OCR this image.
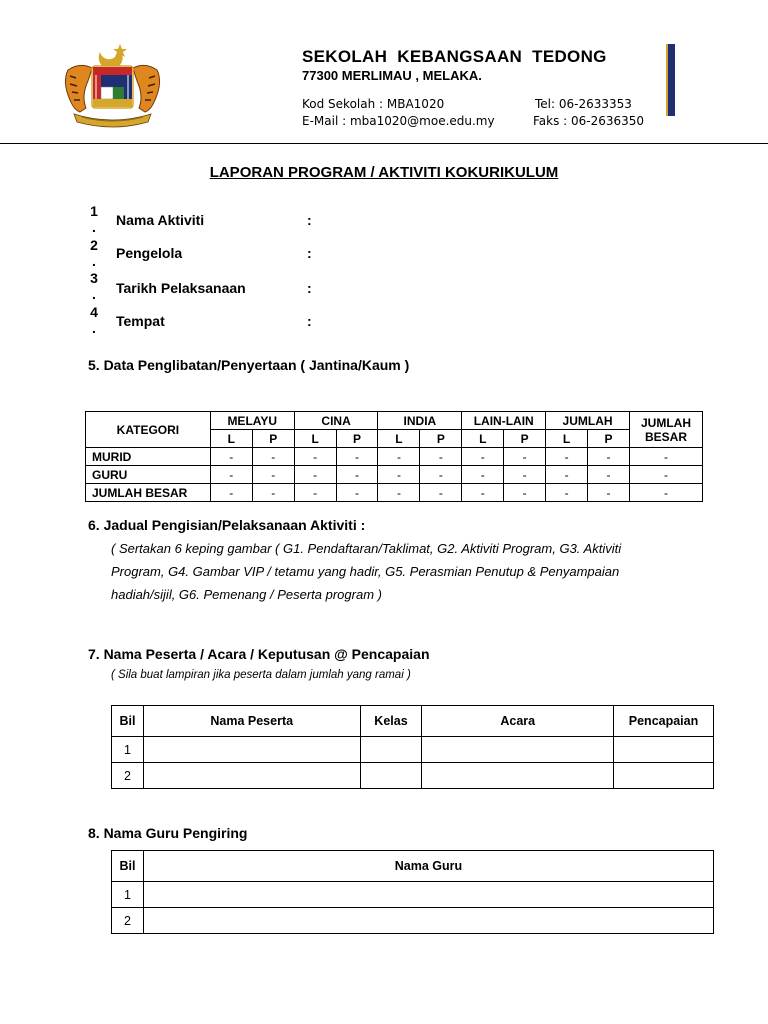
SEKOLAH  KEBANGSAAN  TEDONG
77300 MERLIMAU , MELAKA.
Kod Sekolah : MBA1020	Tel: 06-2633353
E-Mail : mba1020@moe.edu.my	Faks : 06-2636350
LAPORAN PROGRAM / AKTIVITI KOKURIKULUM
1
. Nama Aktiviti	:
2
. Pengelola	:
3
. Tarikh Pelaksanaan	:
4
. Tempat	:
5. Data Penglibatan/Penyertaan ( Jantina/Kaum )
KATEGORI	MELAYU		CINA		INDIA		LAIN-LAIN		JUMLAH		JUMLAH BESAR
	L	P	L	P	L	P	L	P	L	P	
MURID	-	-	-	-	-	-	-	-	-	-	-
GURU	-	-	-	-	-	-	-	-	-	-	-
JUMLAH BESAR	-	-	-	-	-	-	-	-	-	-	-
6. Jadual Pengisian/Pelaksanaan Aktiviti :
( Sertakan 6 keping gambar ( G1. Pendaftaran/Taklimat, G2. Aktiviti Program, G3. Aktiviti
Program, G4. Gambar VIP / tetamu yang hadir, G5. Perasmian Penutup & Penyampaian
hadiah/sijil, G6. Pemenang / Peserta program )
7. Nama Peserta / Acara / Keputusan @ Pencapaian
( Sila buat lampiran jika peserta dalam jumlah yang ramai )
Bil	Nama Peserta	Kelas	Acara	Pencapaian
1				
2				
8. Nama Guru Pengiring
Bil	Nama Guru
1	
2	
